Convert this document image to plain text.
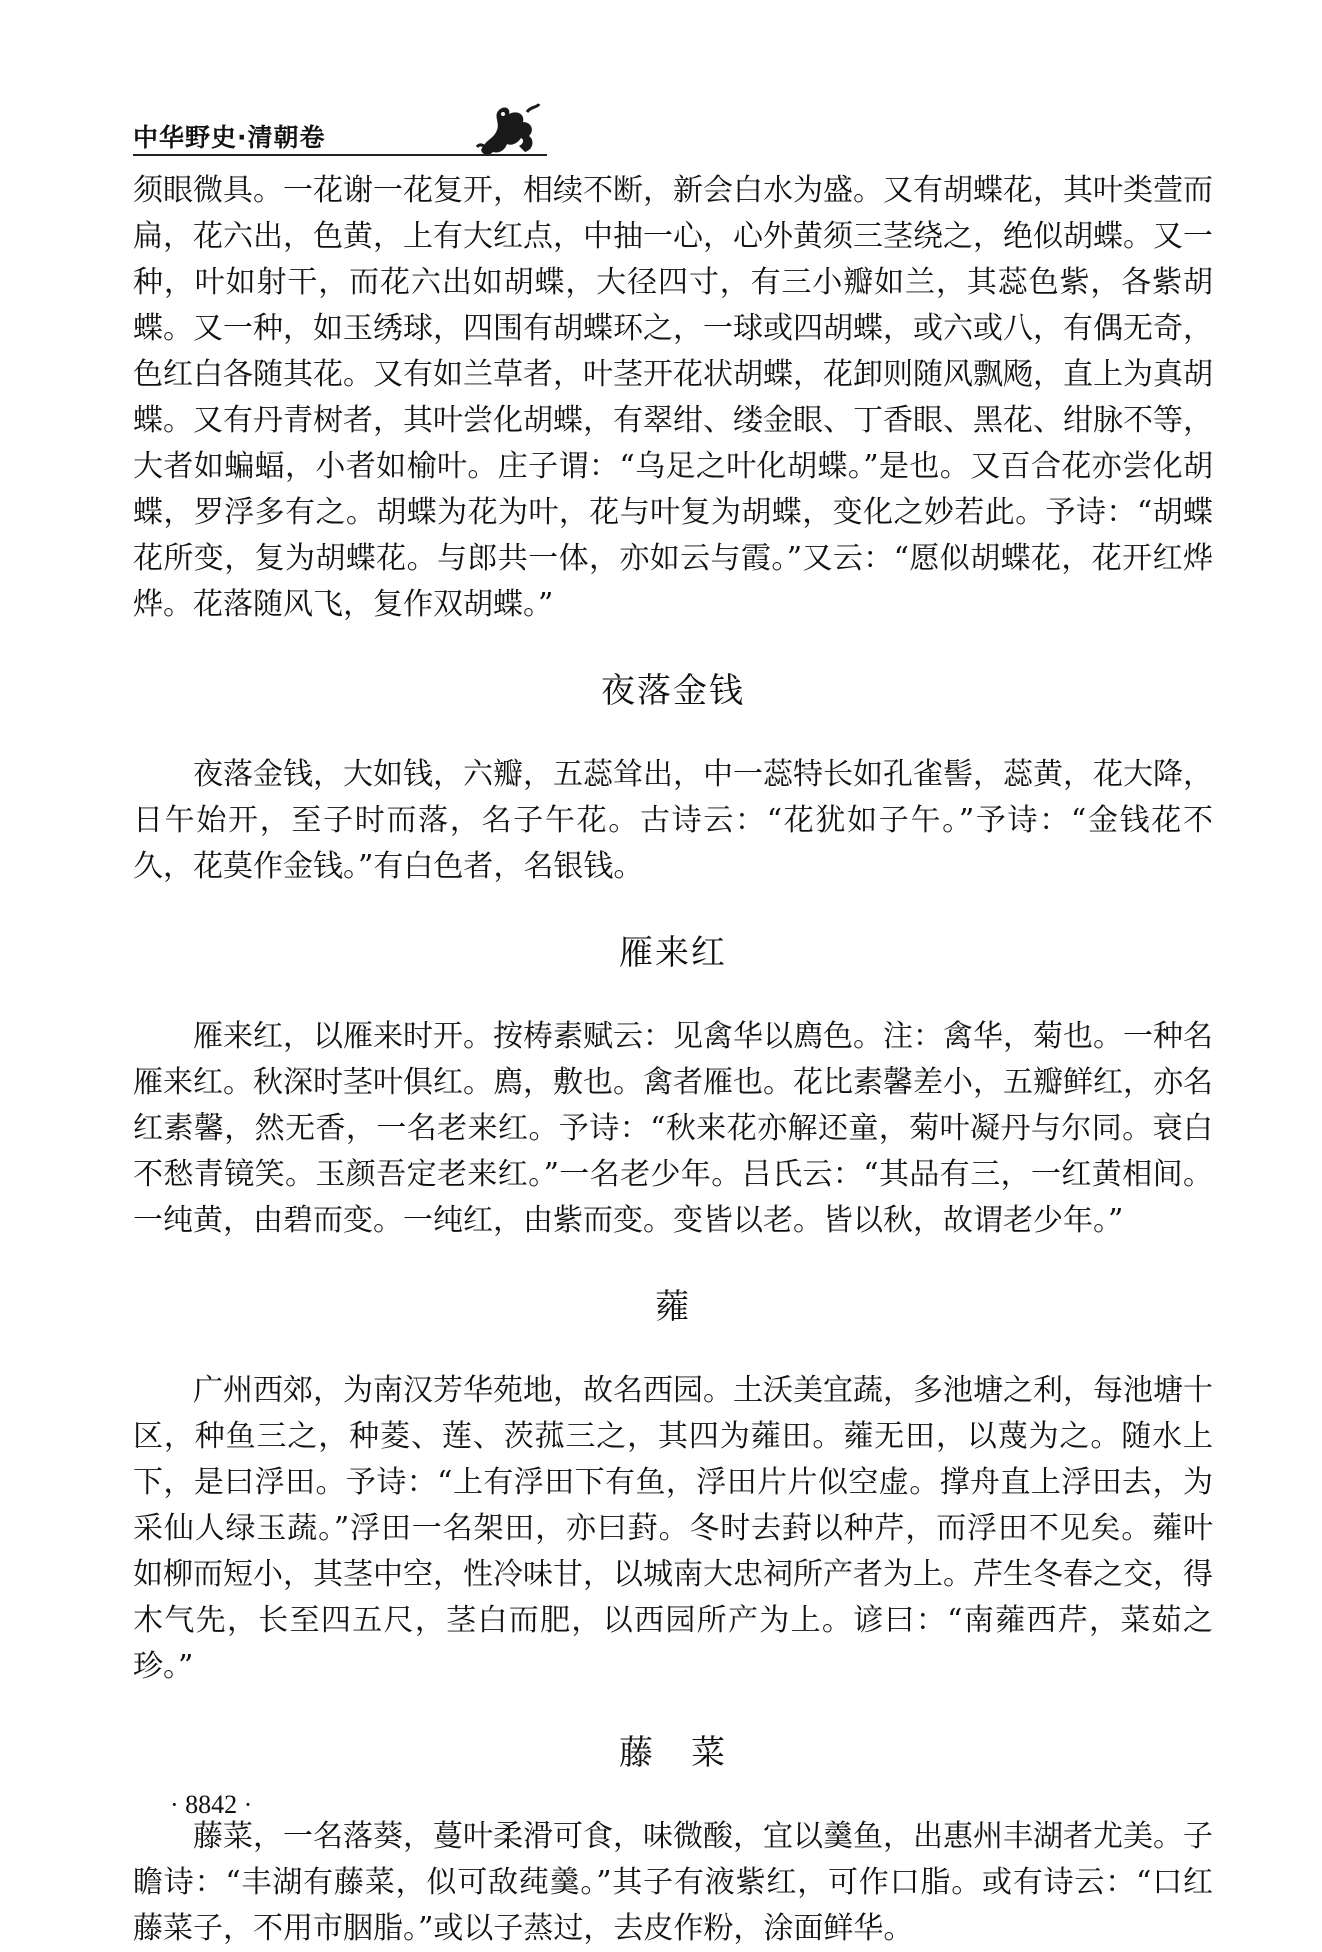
中华野史·清朝卷

须眼微具。一花谢一花复开，相续不断，新会白水为盛。又有胡蝶花，其叶类萱而扁，花六出，色黄，上有大红点，中抽一心，心外黄须三茎绕之，绝似胡蝶。又一种，叶如射干，而花六出如胡蝶，大径四寸，有三小瓣如兰，其蕊色紫，各紫胡蝶。又一种，如玉绣球，四围有胡蝶环之，一球或四胡蝶，或六或八，有偶无奇，色红白各随其花。又有如兰草者，叶茎开花状胡蝶，花卸则随风飘飏，直上为真胡蝶。又有丹青树者，其叶尝化胡蝶，有翠绀、缕金眼、丁香眼、黑花、绀脉不等，大者如蝙蝠，小者如榆叶。庄子谓：“乌足之叶化胡蝶。”是也。又百合花亦尝化胡蝶，罗浮多有之。胡蝶为花为叶，花与叶复为胡蝶，变化之妙若此。予诗：“胡蝶花所变，复为胡蝶花。与郎共一体，亦如云与霞。”又云：“愿似胡蝶花，花开红烨烨。花落随风飞，复作双胡蝶。”

夜落金钱

夜落金钱，大如钱，六瓣，五蕊耸出，中一蕊特长如孔雀髻，蕊黄，花大降，日午始开，至子时而落，名子午花。古诗云：“花犹如子午。”予诗：“金钱花不久，花莫作金钱。”有白色者，名银钱。

雁来红

雁来红，以雁来时开。按梼素赋云：见禽华以廌色。注：禽华，菊也。一种名雁来红。秋深时茎叶俱红。廌，敷也。禽者雁也。花比素馨差小，五瓣鲜红，亦名红素馨，然无香，一名老来红。予诗：“秋来花亦解还童，菊叶凝丹与尔同。衰白不愁青镜笑。玉颜吾定老来红。”一名老少年。吕氏云：“其品有三，一红黄相间。一纯黄，由碧而变。一纯红，由紫而变。变皆以老。皆以秋，故谓老少年。”

蕹

广州西郊，为南汉芳华苑地，故名西园。土沃美宜蔬，多池塘之利，每池塘十区，种鱼三之，种菱、莲、茨菰三之，其四为蕹田。蕹无田，以蔑为之。随水上下，是曰浮田。予诗：“上有浮田下有鱼，浮田片片似空虚。撑舟直上浮田去，为采仙人绿玉蔬。”浮田一名架田，亦曰葑。冬时去葑以种芹，而浮田不见矣。蕹叶如柳而短小，其茎中空，性冷味甘，以城南大忠祠所产者为上。芹生冬春之交，得木气先，长至四五尺，茎白而肥，以西园所产为上。谚曰：“南蕹西芹，菜茹之珍。”

藤　菜

藤菜，一名落葵，蔓叶柔滑可食，味微酸，宜以羹鱼，出惠州丰湖者尤美。子瞻诗：“丰湖有藤菜，似可敌莼羹。”其子有液紫红，可作口脂。或有诗云：“口红藤菜子，不用市胭脂。”或以子蒸过，去皮作粉，涂面鲜华。

· 8842 ·
